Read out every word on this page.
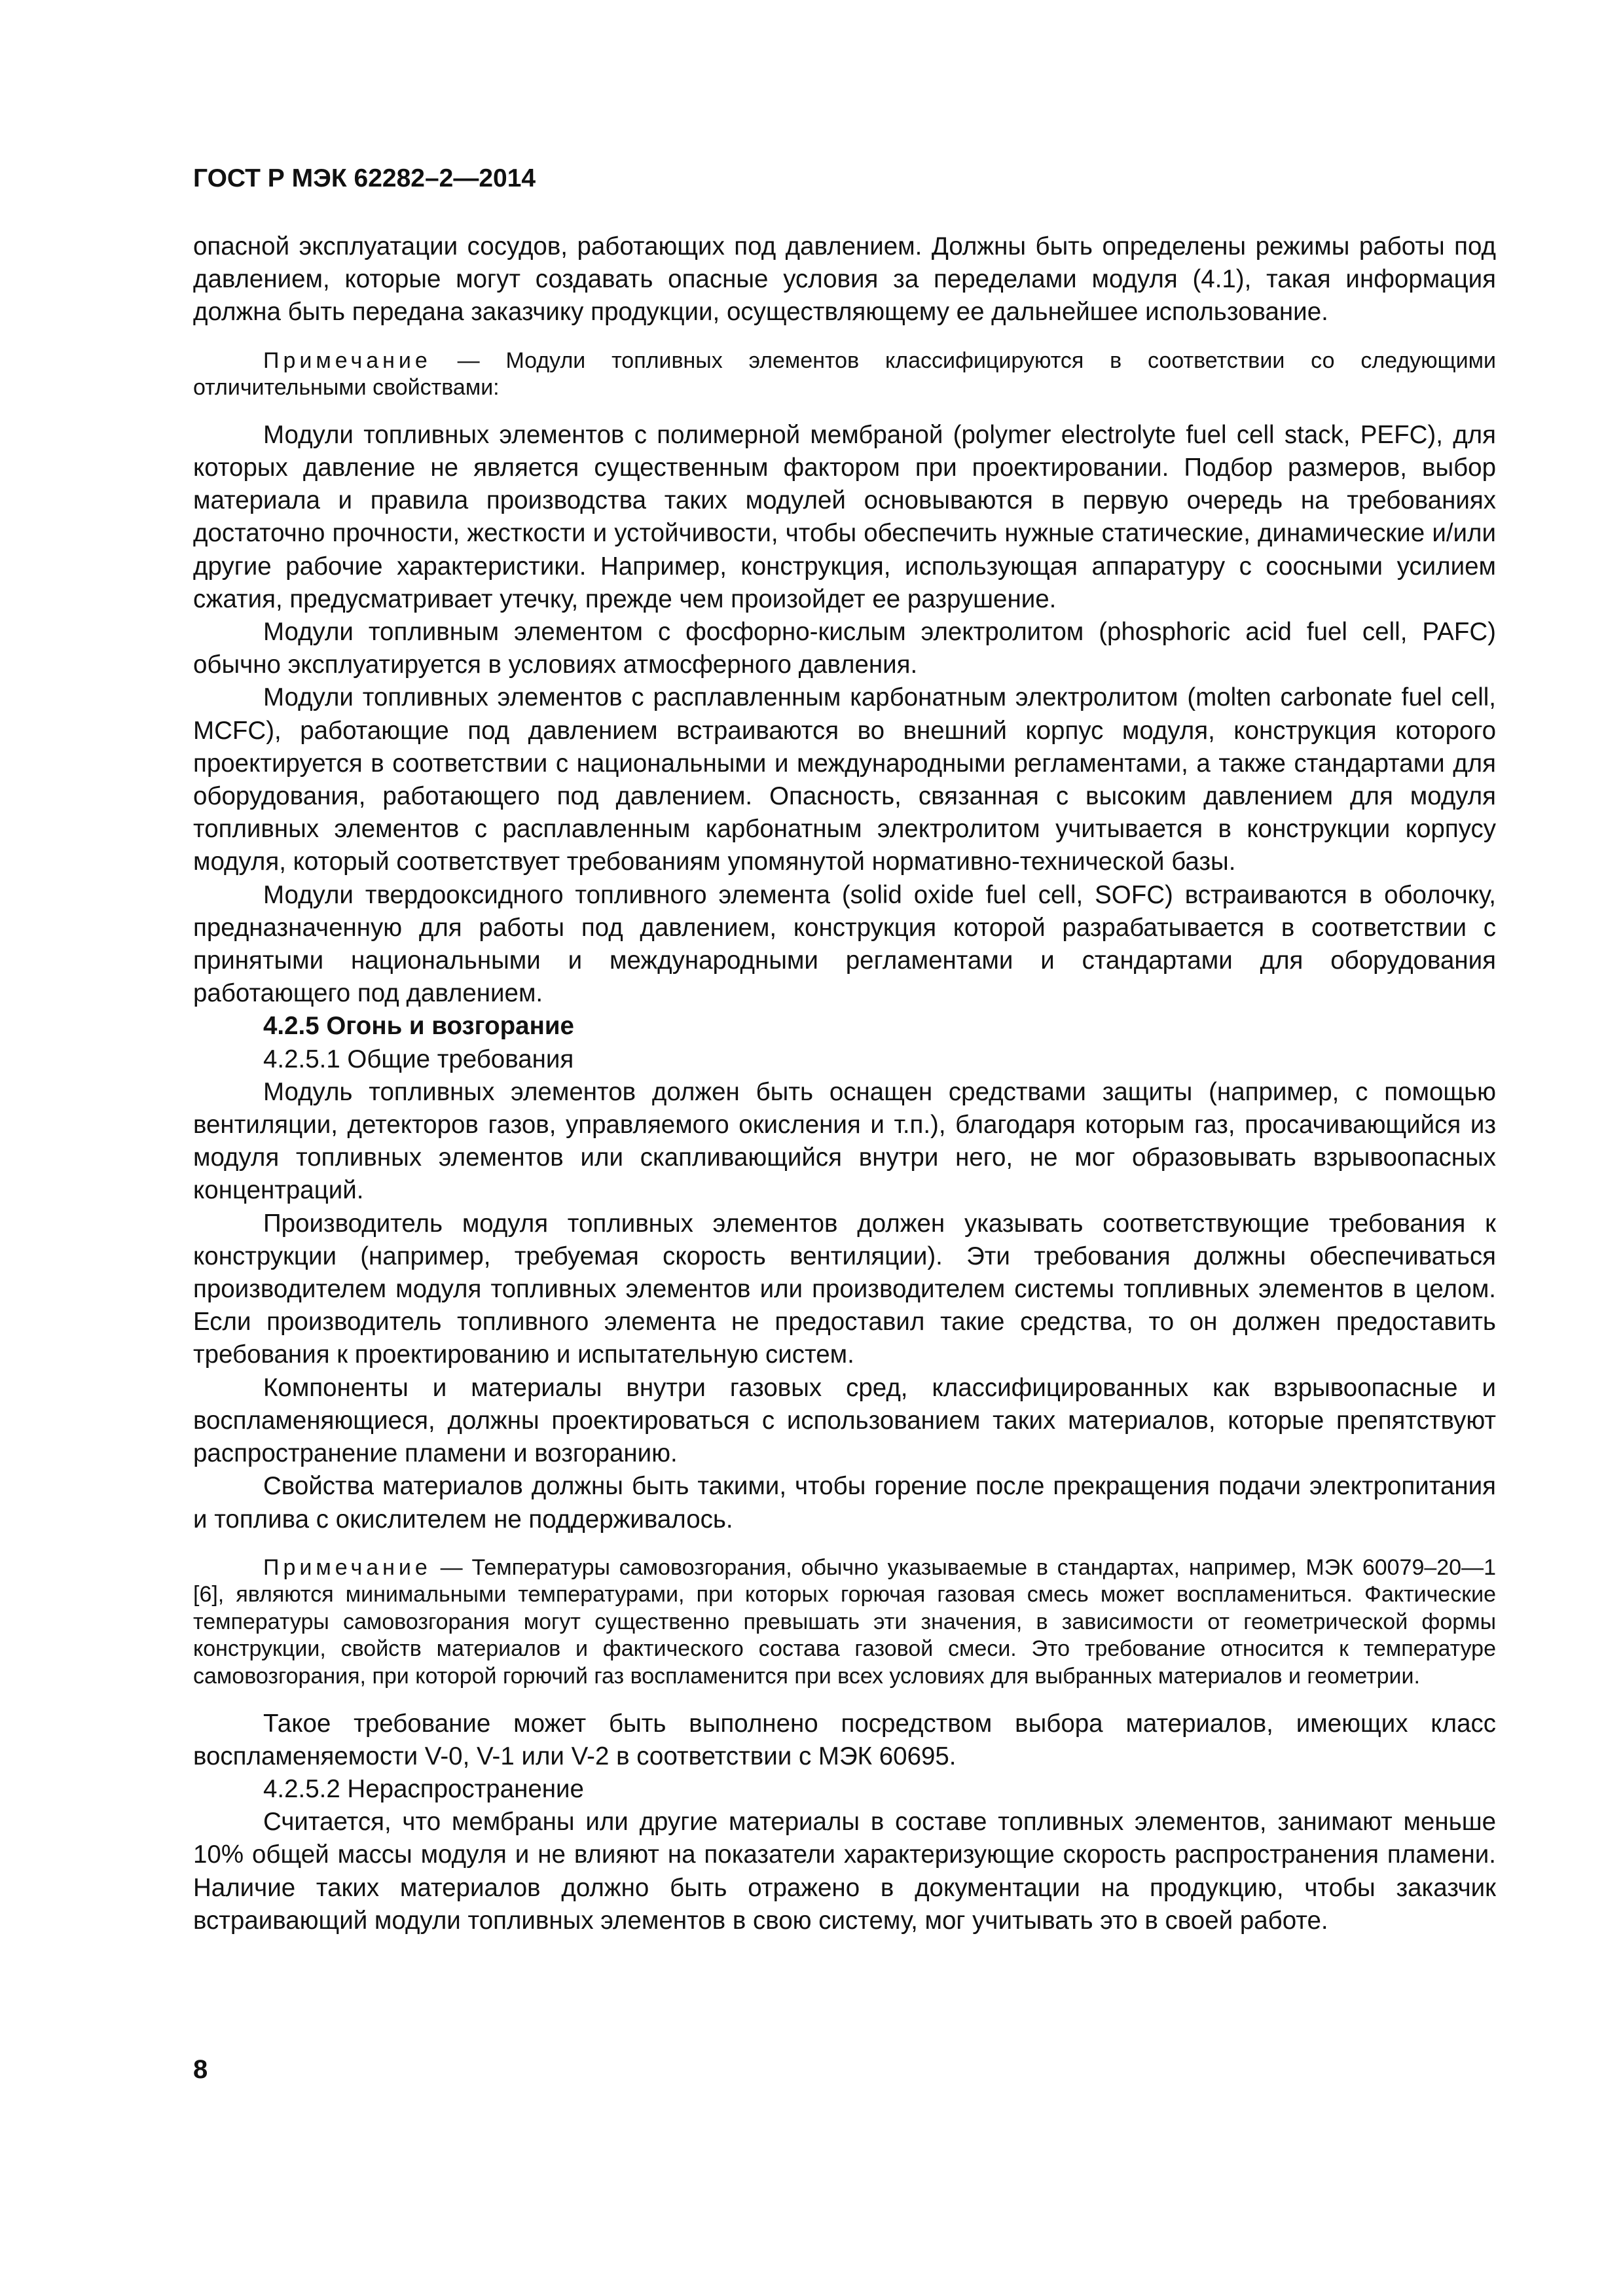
ГОСТ Р МЭК 62282–2—2014

опасной эксплуатации сосудов, работающих под давлением. Должны быть определены режимы работы под давлением, которые могут создавать опасные условия за переделами модуля (4.1), такая информация должна быть передана заказчику продукции, осуществляющему ее дальнейшее использование.

Примечание — Модули топливных элементов классифицируются в соответствии со следующими отличительными свойствами:

Модули топливных элементов с полимерной мембраной (polymer electrolyte fuel cell stack, PEFC), для которых давление не является существенным фактором при проектировании. Подбор размеров, выбор материала и правила производства таких модулей основываются в первую очередь на требованиях достаточно прочности, жесткости и устойчивости, чтобы обеспечить нужные статические, динамические и/или другие рабочие характеристики. Например, конструкция, использующая аппаратуру с соосными усилием сжатия, предусматривает утечку, прежде чем произойдет ее разрушение.

Модули топливным элементом с фосфорно-кислым электролитом (phosphoric acid fuel cell, PAFC) обычно эксплуатируется в условиях атмосферного давления.

Модули топливных элементов с расплавленным карбонатным электролитом (molten carbonate fuel cell, MCFC), работающие под давлением встраиваются во внешний корпус модуля, конструкция которого проектируется в соответствии с национальными и международными регламентами, а также стандартами для оборудования, работающего под давлением. Опасность, связанная с высоким давлением для модуля топливных элементов с расплавленным карбонатным электролитом учитывается в конструкции корпусу модуля, который соответствует требованиям упомянутой нормативно-технической базы.

Модули твердооксидного топливного элемента (solid oxide fuel cell, SOFC) встраиваются в оболочку, предназначенную для работы под давлением, конструкция которой разрабатывается в соответствии с принятыми национальными и международными регламентами и стандартами для оборудования работающего под давлением.

4.2.5 Огонь и возгорание

4.2.5.1 Общие требования

Модуль топливных элементов должен быть оснащен средствами защиты (например, с помощью вентиляции, детекторов газов, управляемого окисления и т.п.), благодаря которым газ, просачивающийся из модуля топливных элементов или скапливающийся внутри него, не мог образовывать взрывоопасных концентраций.

Производитель модуля топливных элементов должен указывать соответствующие требования к конструкции (например, требуемая скорость вентиляции). Эти требования должны обеспечиваться производителем модуля топливных элементов или производителем системы топливных элементов в целом. Если производитель топливного элемента не предоставил такие средства, то он должен предоставить требования к проектированию и испытательную систем.

Компоненты и материалы внутри газовых сред, классифицированных как взрывоопасные и воспламеняющиеся, должны проектироваться с использованием таких материалов, которые препятствуют распространение пламени и возгоранию.

Свойства материалов должны быть такими, чтобы горение после прекращения подачи электропитания и топлива с окислителем не поддерживалось.

Примечание — Температуры самовозгорания, обычно указываемые в стандартах, например, МЭК 60079–20—1 [6], являются минимальными температурами, при которых горючая газовая смесь может воспламениться. Фактические температуры самовозгорания могут существенно превышать эти значения, в зависимости от геометрической формы конструкции, свойств материалов и фактического состава газовой смеси. Это требование относится к температуре самовозгорания, при которой горючий газ воспламенится при всех условиях для выбранных материалов и геометрии.

Такое требование может быть выполнено посредством выбора материалов, имеющих класс воспламеняемости V-0, V-1 или V-2 в соответствии с МЭК 60695.

4.2.5.2 Нераспространение

Считается, что мембраны или другие материалы в составе топливных элементов, занимают меньше 10% общей массы модуля и не влияют на показатели характеризующие скорость распространения пламени. Наличие таких материалов должно быть отражено в документации на продукцию, чтобы заказчик встраивающий модули топливных элементов в свою систему, мог учитывать это в своей работе.

8
